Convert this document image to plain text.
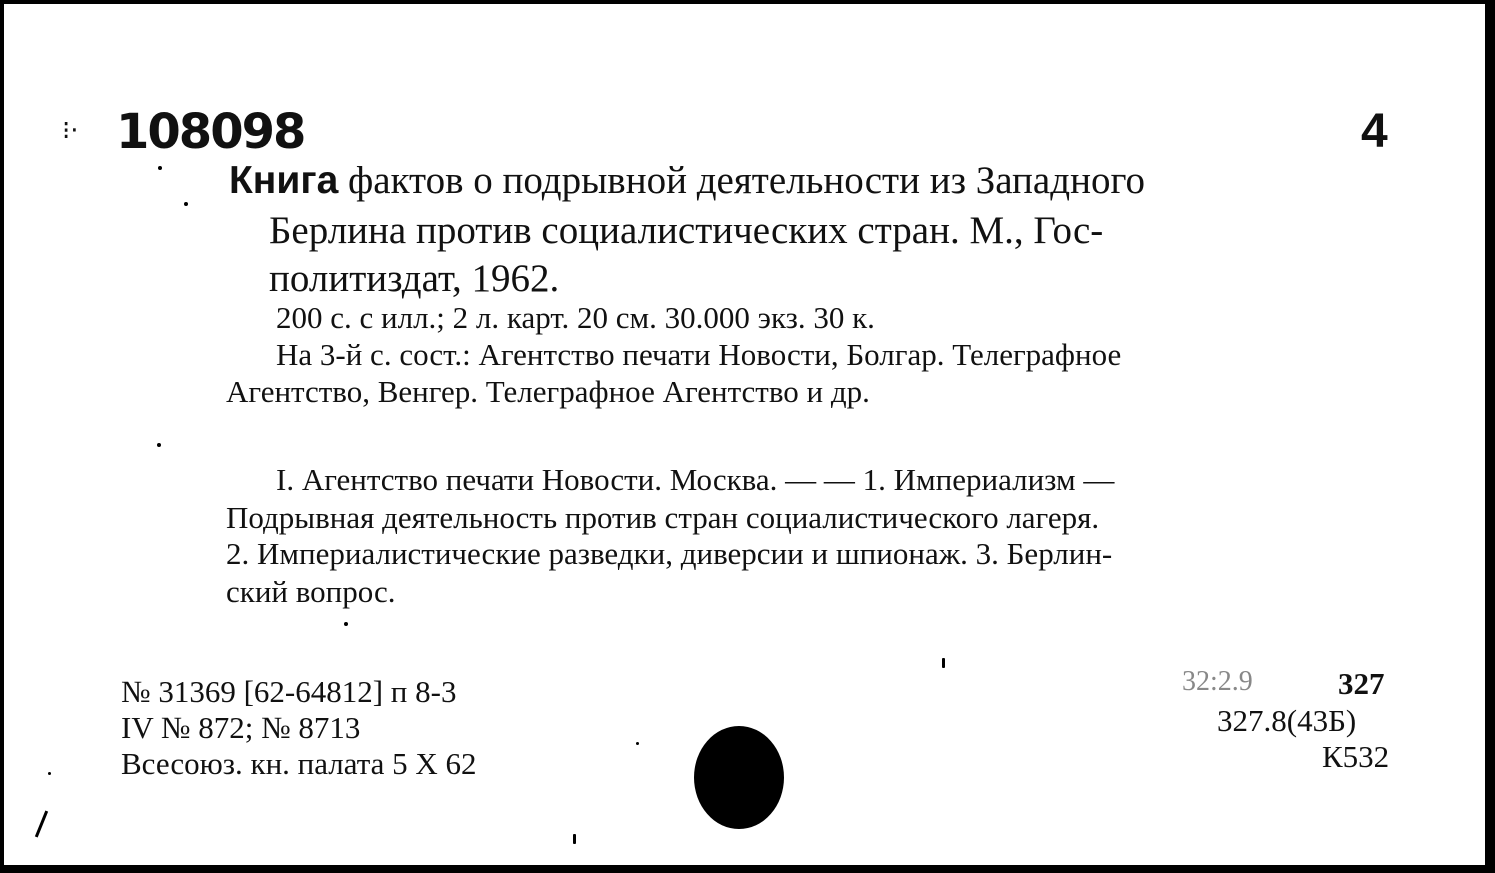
⁝· 108098	4
Книга фактов о подрывной деятельности из Западного
Берлина против социалистических стран. М., Гос-
политиздат, 1962.
200 с. с илл.; 2 л. карт. 20 см. 30.000 экз. 30 к.
На 3-й с. сост.: Агентство печати Новости, Болгар. Телеграфное
Агентство, Венгер. Телеграфное Агентство и др.
I. Агентство печати Новости. Москва. — — 1. Империализм —
Подрывная деятельность против стран социалистического лагеря.
2. Империалистические разведки, диверсии и шпионаж. 3. Берлин-
ский вопрос.
№ 31369 [62-64812] п 8-3
IV № 872; № 8713
Всесоюз. кн. палата 5 Х 62
32:2.9	327
327.8(43Б)
К532
